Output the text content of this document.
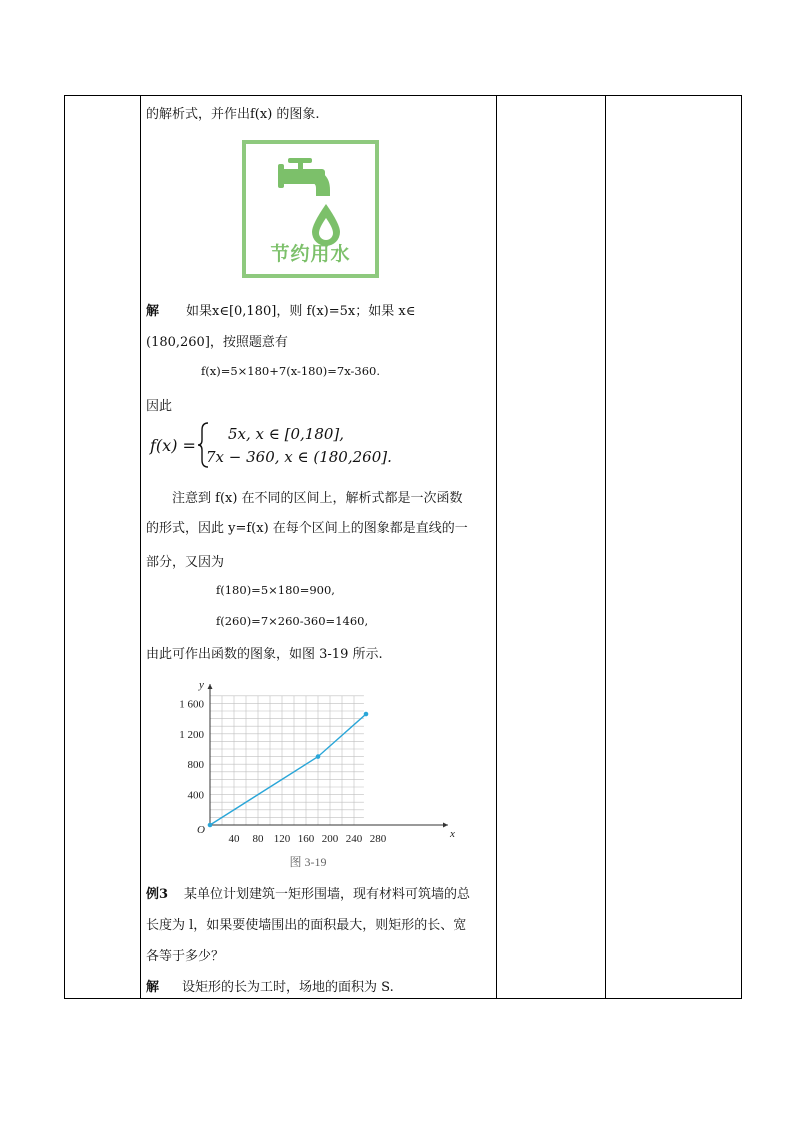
的解析式，并作出f(x) 的图象.
节约用水
解 如果x∈[0,180]，则 f(x)=5x；如果 x∈
(180,260]，按照题意有
f(x)=5×180+7(x-180)=7x-360.
因此
f(x) =
5x, x ∈ [0,180],
7x − 360, x ∈ (180,260].
注意到 f(x) 在不同的区间上，解析式都是一次函数
的形式，因此 y=f(x) 在每个区间上的图象都是直线的一
部分，又因为
f(180)=5×180=900,
f(260)=7×260-360=1460,
由此可作出函数的图象，如图 3-19 所示.
40 80 120 160 200 240 280
400
800
1 200
1 600
O	x
y
图 3-19
例3 某单位计划建筑一矩形围墙，现有材料可筑墙的总
长度为 l，如果要使墙围出的面积最大，则矩形的长、宽
各等于多少？
解 设矩形的长为工时，场地的面积为 S.
